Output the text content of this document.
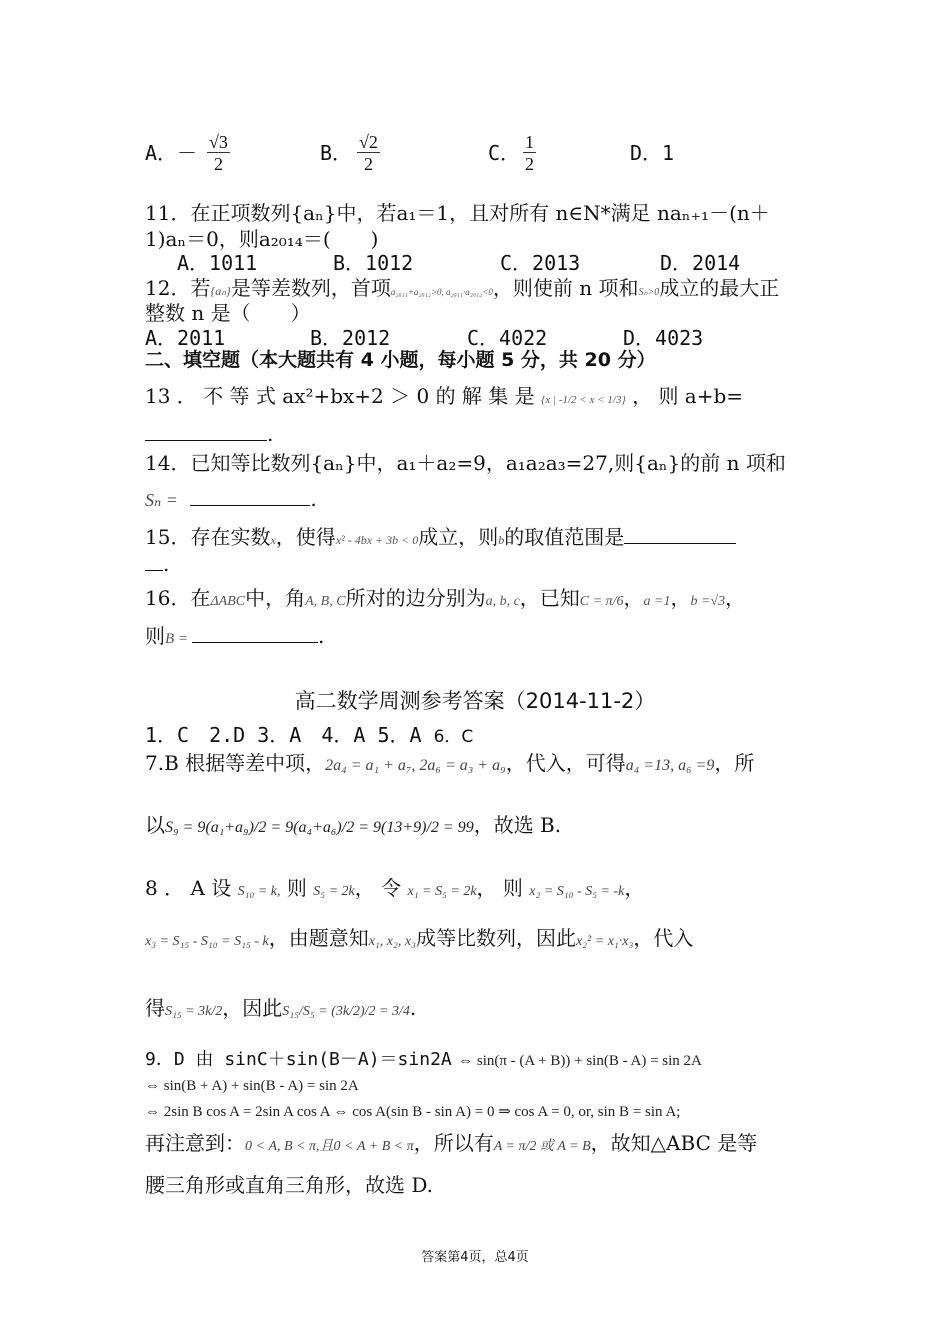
A．－ $\frac{√3}{2}$	B． $\frac{√2}{2}$	C． $\frac{1}{2}$	D．1
11．在正项数列{aₙ}中，若a₁＝1，且对所有 n∈N*满足 naₙ₊₁－(n＋
1)aₙ＝0，则a₂₀₁₄＝(　　)
A．1011	B．1012	C．2013	D．2014
12．若{aₙ}是等差数列，首项a₂₀₁₁+a₂₀₁₂>0, a₂₀₁₁·a₂₀₁₂<0，则使前 n 项和Sₙ>0成立的最大正
整数 n 是（　　）
A．2011	B．2012	C．4022	D．4023
二、填空题（本大题共有 4 小题，每小题 5 分，共 20 分）
13 ． 不 等 式 ax²+bx+2 ＞ 0 的 解 集 是 {x | -1/2 < x < 1/3} ， 则 a+b=
.
14．已知等比数列{aₙ}中，a₁＋a₂=9，a₁a₂a₃=27,则{aₙ}的前 n 项和
Sₙ =	.
15．存在实数x，使得x² - 4bx + 3b < 0成立，则b的取值范围是
.
16．在ΔABC中，角A, B, C所对的边分别为a, b, c，已知C = π/6，a =1，b =√3，
则B =	.
高二数学周测参考答案（2014-11-2）
1．C　2.D 3．A　4．A 5．A 6．C
7.B 根据等差中项，2a₄ = a₁ + a₇, 2a₆ = a₃ + a₉，代入，可得a₄ =13, a₆ =9，所
以S₉ = 9(a₁+a₉)/2 = 9(a₄+a₆)/2 = 9(13+9)/2 = 99，故选 B.
8 ． A 设 S₁₀ = k, 则 S₅ = 2k， 令 x₁ = S₅ = 2k， 则 x₂ = S₁₀ - S₅ = -k，
x₃ = S₁₅ - S₁₀ = S₁₅ - k，由题意知x₁, x₂, x₃成等比数列，因此x₂² = x₁·x₃，代入
得S₁₅ = 3k/2，因此S₁₅/S₅ = (3k/2)/2 = 3/4.
9．D 由 sinC＋sin(B－A)＝sin2A ⇔ sin(π - (A + B)) + sin(B - A) = sin 2A
⇔ sin(B + A) + sin(B - A) = sin 2A
⇔ 2sin B cos A = 2sin A cos A ⇔ cos A(sin B - sin A) = 0 ⇒ cos A = 0, or, sin B = sin A;
再注意到：0 < A, B < π,且0 < A + B < π，所以有A = π/2 或 A = B，故知△ABC 是等
腰三角形或直角三角形，故选 D.
答案第4页，总4页
